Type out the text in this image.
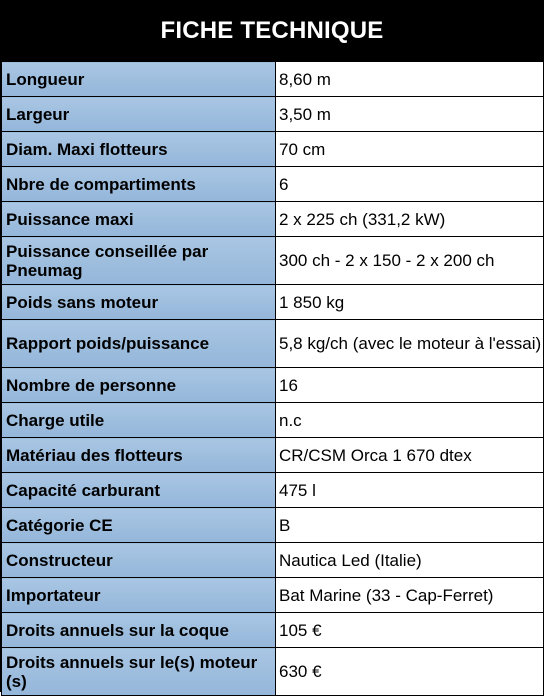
FICHE TECHNIQUE
Longueur	8,60 m
Largeur	3,50 m
Diam. Maxi flotteurs	70 cm
Nbre de compartiments	6
Puissance maxi	2 x 225 ch (331,2 kW)
Puissance conseillée par Pneumag	300 ch - 2 x 150 - 2 x 200 ch
Poids sans moteur	1 850 kg
Rapport poids/puissance	5,8 kg/ch (avec le moteur à l'essai)
Nombre de personne	16
Charge utile	n.c
Matériau des flotteurs	CR/CSM Orca 1 670 dtex
Capacité carburant	475 l
Catégorie CE	B
Constructeur	Nautica Led (Italie)
Importateur	Bat Marine (33 - Cap-Ferret)
Droits annuels sur la coque	105 €
Droits annuels sur le(s) moteur (s)	630 €
